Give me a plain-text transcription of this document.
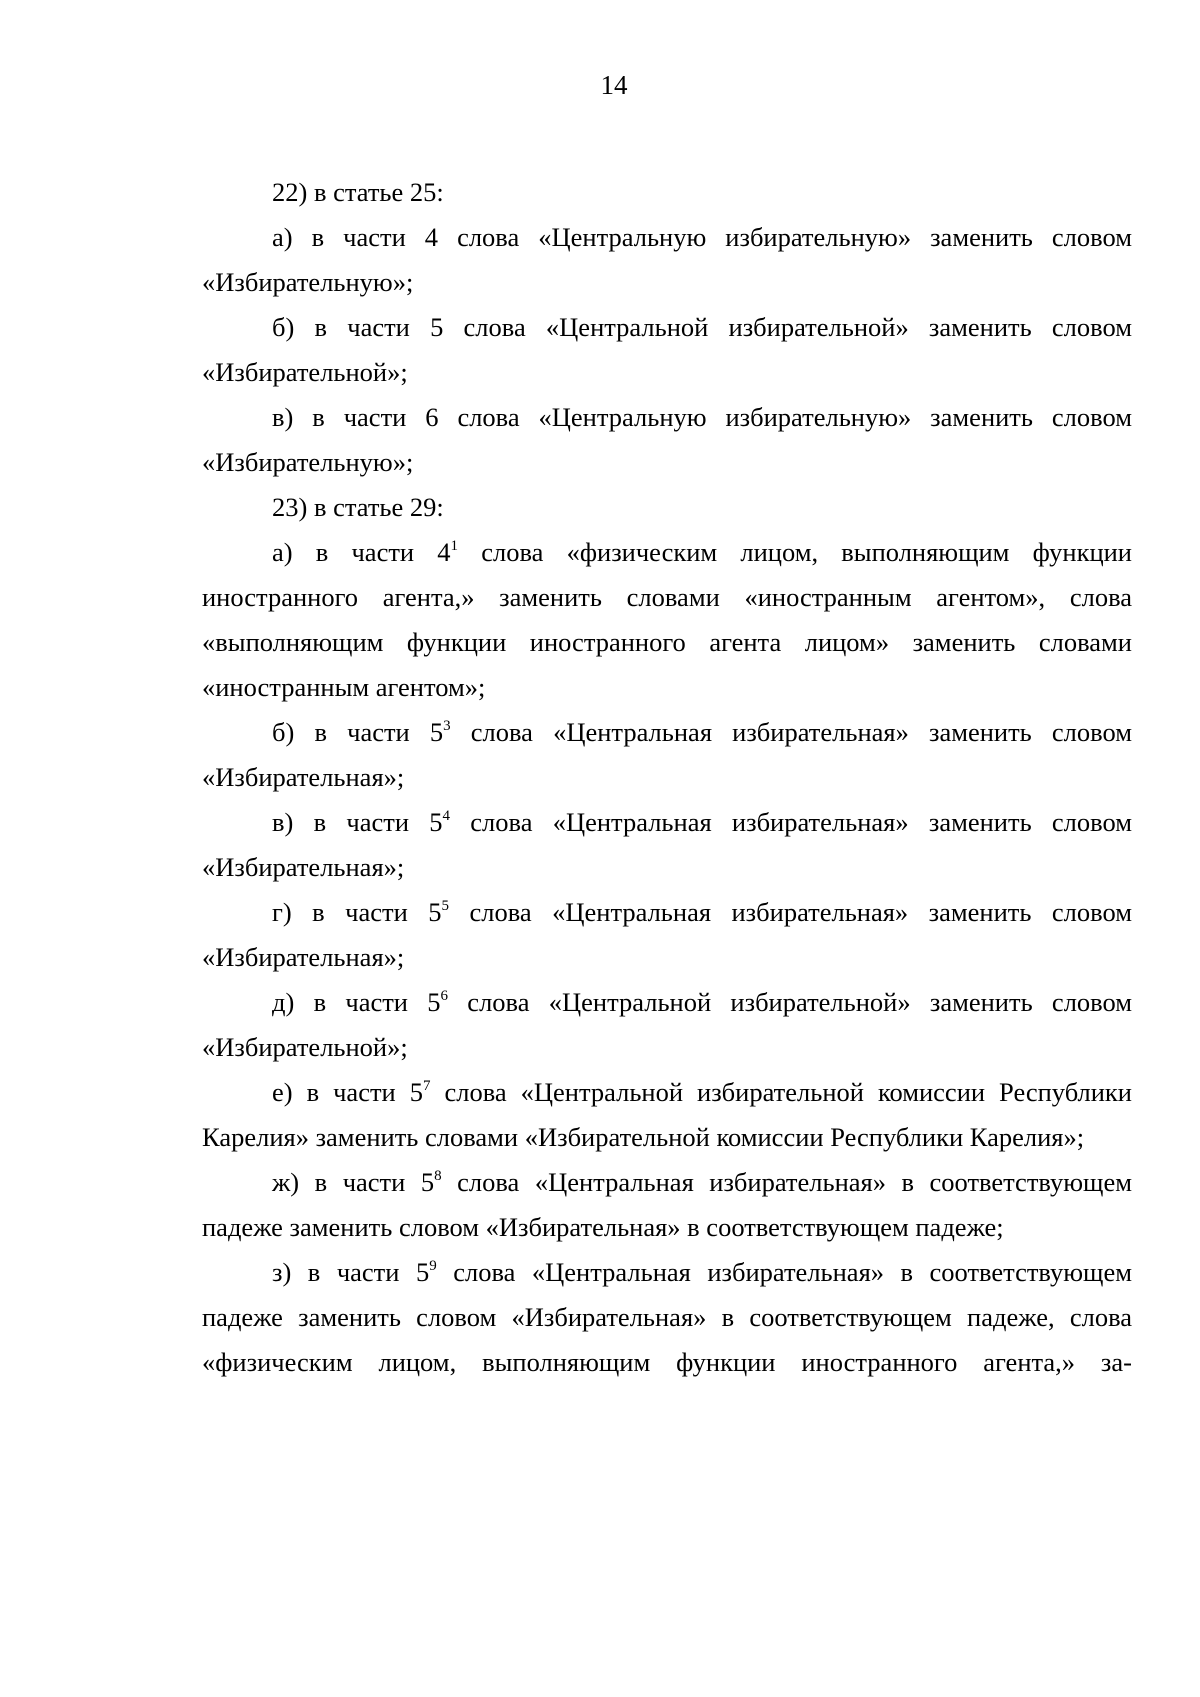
14

22) в статье 25:

а) в части 4 слова «Центральную избирательную» заменить словом «Избирательную»;

б) в части 5 слова «Центральной избирательной» заменить словом «Избирательной»;

в) в части 6 слова «Центральную избирательную» заменить словом «Избирательную»;

23) в статье 29:

а) в части $4^1$ слова «физическим лицом, выполняющим функции иностранного агента,» заменить словами «иностранным агентом», слова «выполняющим функции иностранного агента лицом» заменить словами «иностранным агентом»;

б) в части $5^3$ слова «Центральная избирательная» заменить словом «Избирательная»;

в) в части $5^4$ слова «Центральная избирательная» заменить словом «Избирательная»;

г) в части $5^5$ слова «Центральная избирательная» заменить словом «Избирательная»;

д) в части $5^6$ слова «Центральной избирательной» заменить словом «Избирательной»;

е) в части $5^7$ слова «Центральной избирательной комиссии Республики Карелия» заменить словами «Избирательной комиссии Республики Карелия»;

ж) в части $5^8$ слова «Центральная избирательная» в соответствующем падеже заменить словом «Избирательная» в соответствующем падеже;

з) в части $5^9$ слова «Центральная избирательная» в соответствующем падеже заменить словом «Избирательная» в соответствующем падеже, слова «физическим лицом, выполняющим функции иностранного агента,» за-
